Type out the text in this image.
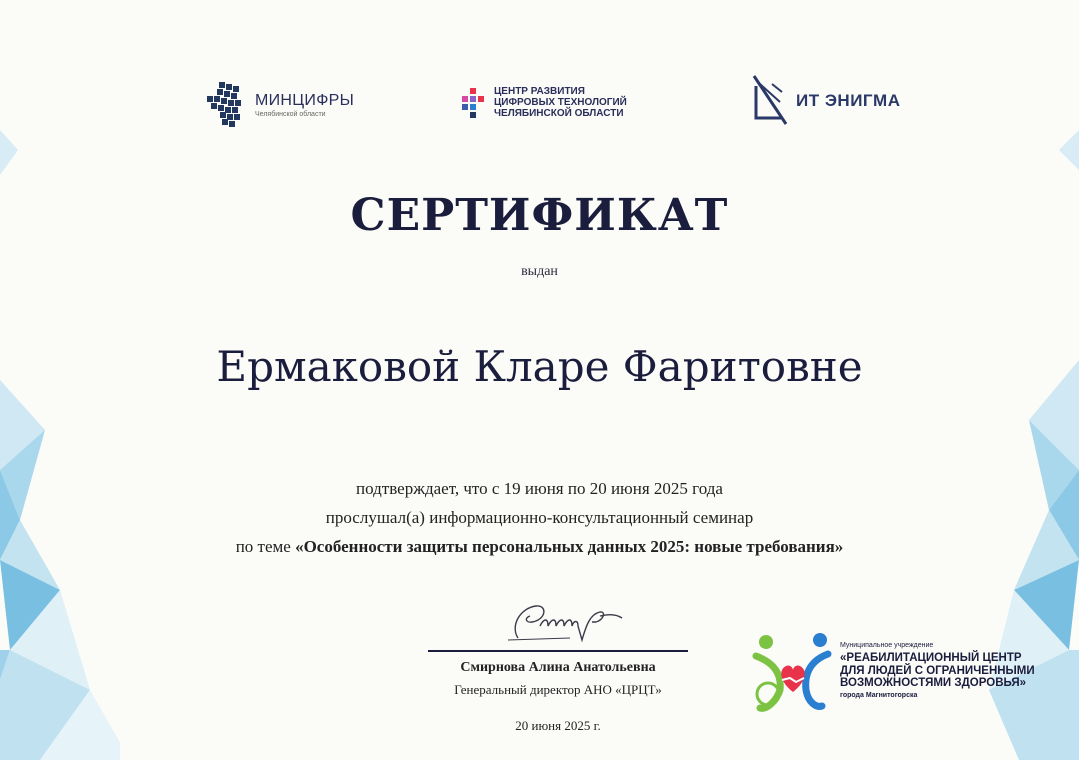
МИНЦИФРЫ
Челябинской области
ЦЕНТР РАЗВИТИЯ
ЦИФРОВЫХ ТЕХНОЛОГИЙ
ЧЕЛЯБИНСКОЙ ОБЛАСТИ
ИТ ЭНИГМА
СЕРТИФИКАТ
выдан
Ермаковой Кларе Фаритовне
подтверждает, что с 19 июня по 20 июня 2025 года
прослушал(а) информационно-консультационный семинар
по теме «Особенности защиты персональных данных 2025: новые требования»
Смирнова Алина Анатольевна
Генеральный директор АНО «ЦРЦТ»
20 июня 2025 г.
Муниципальное учреждение
«РЕАБИЛИТАЦИОННЫЙ ЦЕНТР
ДЛЯ ЛЮДЕЙ С ОГРАНИЧЕННЫМИ
ВОЗМОЖНОСТЯМИ ЗДОРОВЬЯ»
города Магнитогорска
